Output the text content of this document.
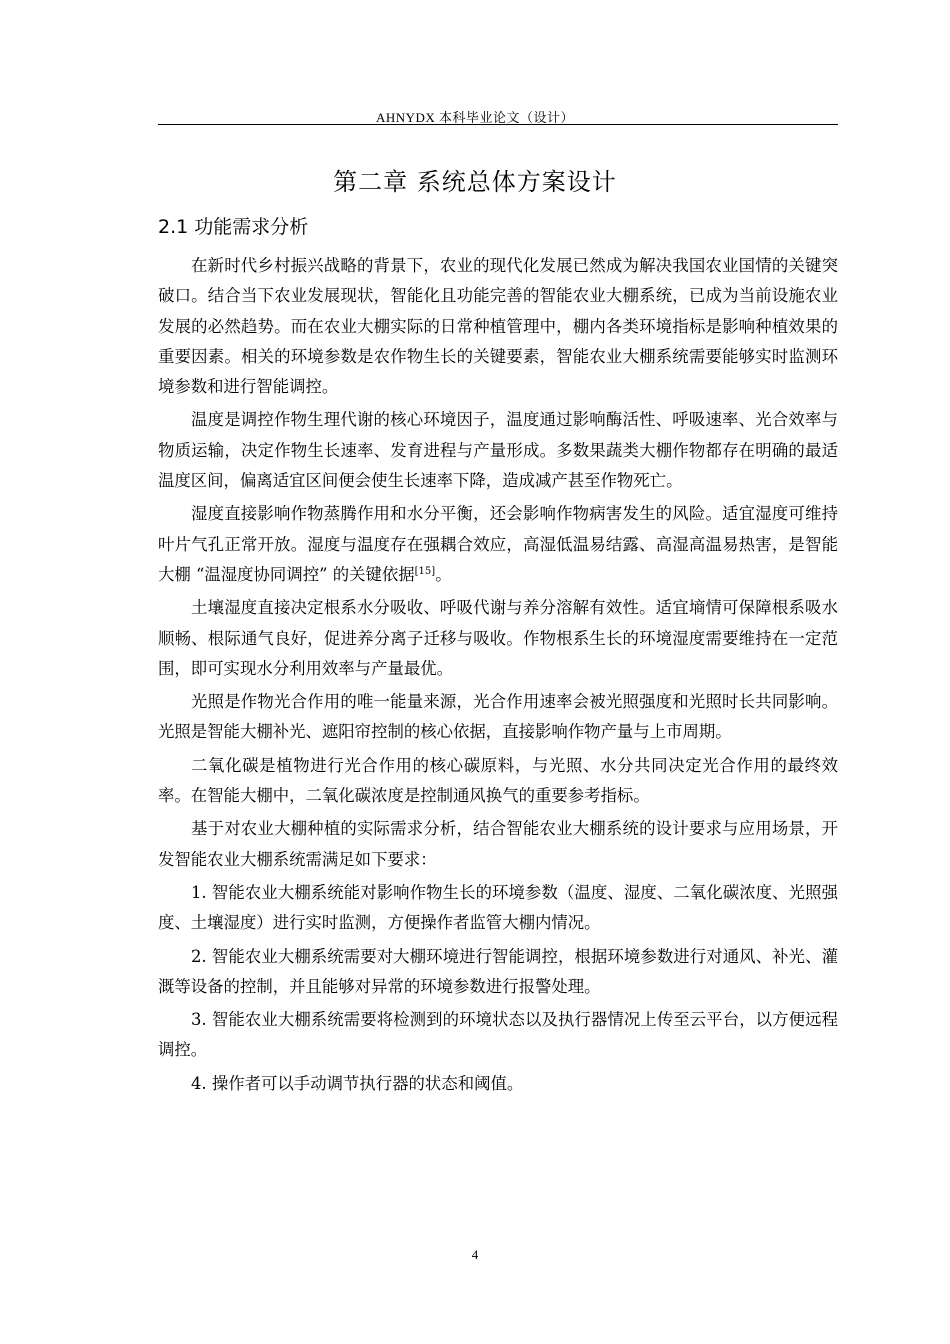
AHNYDX 本科毕业论文（设计）
第二章 系统总体方案设计
2.1 功能需求分析

在新时代乡村振兴战略的背景下，农业的现代化发展已然成为解决我国农业国情的关键突破口。结合当下农业发展现状，智能化且功能完善的智能农业大棚系统，已成为当前设施农业发展的必然趋势。而在农业大棚实际的日常种植管理中，棚内各类环境指标是影响种植效果的重要因素。相关的环境参数是农作物生长的关键要素，智能农业大棚系统需要能够实时监测环境参数和进行智能调控。

温度是调控作物生理代谢的核心环境因子，温度通过影响酶活性、呼吸速率、光合效率与物质运输，决定作物生长速率、发育进程与产量形成。多数果蔬类大棚作物都存在明确的最适温度区间，偏离适宜区间便会使生长速率下降，造成减产甚至作物死亡。

湿度直接影响作物蒸腾作用和水分平衡，还会影响作物病害发生的风险。适宜湿度可维持叶片气孔正常开放。湿度与温度存在强耦合效应，高湿低温易结露、高湿高温易热害，是智能大棚 “温湿度协同调控” 的关键依据[15]。

土壤湿度直接决定根系水分吸收、呼吸代谢与养分溶解有效性。适宜墒情可保障根系吸水顺畅、根际通气良好，促进养分离子迁移与吸收。作物根系生长的环境湿度需要维持在一定范围，即可实现水分利用效率与产量最优。

光照是作物光合作用的唯一能量来源，光合作用速率会被光照强度和光照时长共同影响。光照是智能大棚补光、遮阳帘控制的核心依据，直接影响作物产量与上市周期。

二氧化碳是植物进行光合作用的核心碳原料，与光照、水分共同决定光合作用的最终效率。在智能大棚中，二氧化碳浓度是控制通风换气的重要参考指标。

基于对农业大棚种植的实际需求分析，结合智能农业大棚系统的设计要求与应用场景，开发智能农业大棚系统需满足如下要求：

1. 智能农业大棚系统能对影响作物生长的环境参数（温度、湿度、二氧化碳浓度、光照强度、土壤湿度）进行实时监测，方便操作者监管大棚内情况。

2. 智能农业大棚系统需要对大棚环境进行智能调控，根据环境参数进行对通风、补光、灌溉等设备的控制，并且能够对异常的环境参数进行报警处理。

3. 智能农业大棚系统需要将检测到的环境状态以及执行器情况上传至云平台，以方便远程调控。

4. 操作者可以手动调节执行器的状态和阈值。

4
